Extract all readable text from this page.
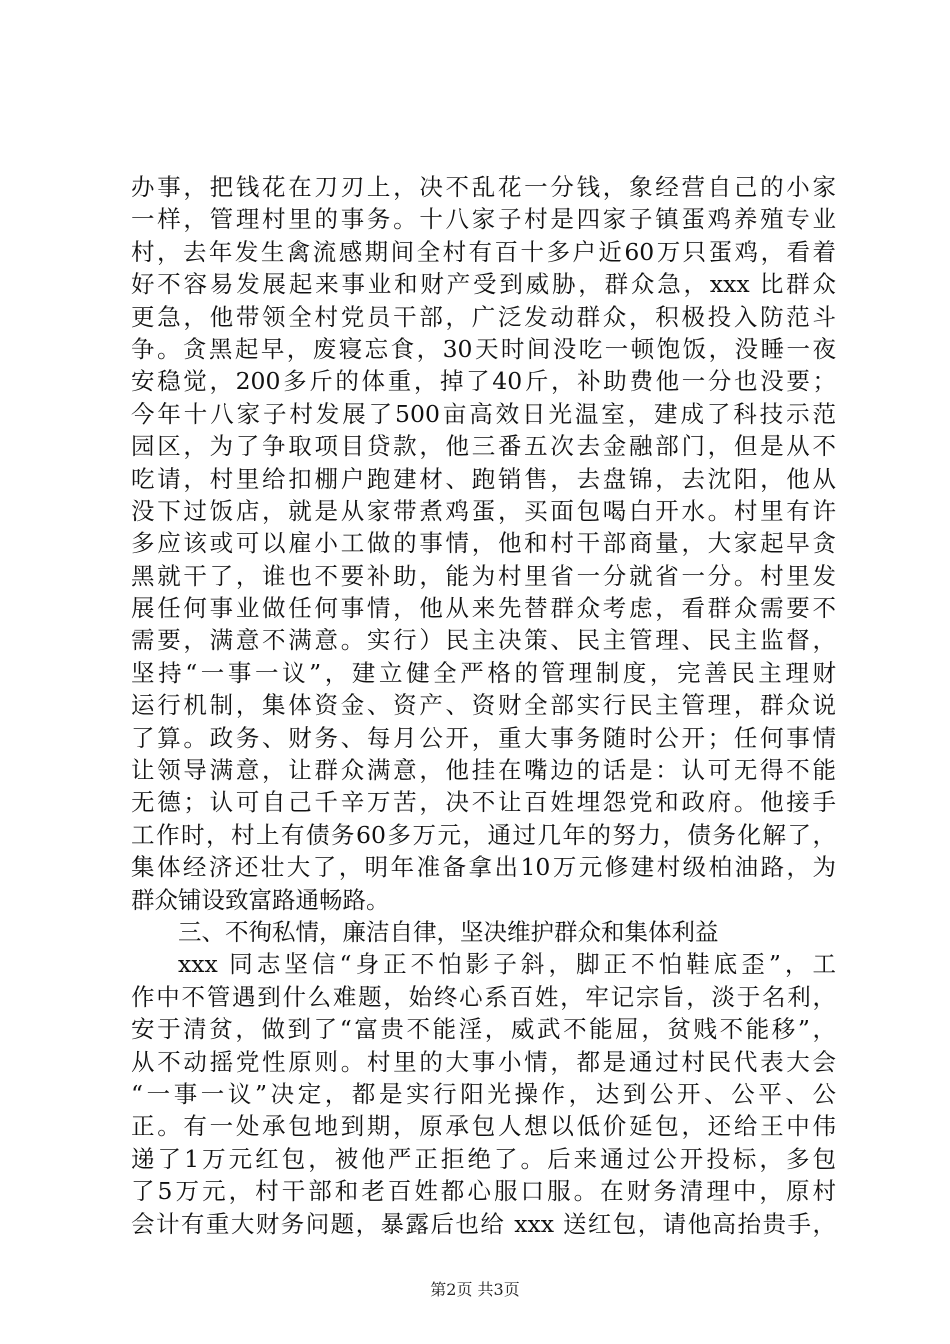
办事，把钱花在刀刃上，决不乱花一分钱，象经营自己的小家
一样，管理村里的事务。十八家子村是四家子镇蛋鸡养殖专业
村，去年发生禽流感期间全村有百十多户近60万只蛋鸡，看着
好不容易发展起来事业和财产受到威胁，群众急，xxx 比群众
更急，他带领全村党员干部，广泛发动群众，积极投入防范斗
争。贪黑起早，废寝忘食，30天时间没吃一顿饱饭，没睡一夜
安稳觉，200多斤的体重，掉了40斤，补助费他一分也没要；
今年十八家子村发展了500亩高效日光温室，建成了科技示范
园区，为了争取项目贷款，他三番五次去金融部门，但是从不
吃请，村里给扣棚户跑建材、跑销售，去盘锦，去沈阳，他从
没下过饭店，就是从家带煮鸡蛋，买面包喝白开水。村里有许
多应该或可以雇小工做的事情，他和村干部商量，大家起早贪
黑就干了，谁也不要补助，能为村里省一分就省一分。村里发
展任何事业做任何事情，他从来先替群众考虑，看群众需要不
需要，满意不满意。实行）民主决策、民主管理、民主监督，
坚持“一事一议”，建立健全严格的管理制度，完善民主理财
运行机制，集体资金、资产、资财全部实行民主管理，群众说
了算。政务、财务、每月公开，重大事务随时公开；任何事情
让领导满意，让群众满意，他挂在嘴边的话是：认可无得不能
无德；认可自己千辛万苦，决不让百姓埋怨党和政府。他接手
工作时，村上有债务60多万元，通过几年的努力，债务化解了，
集体经济还壮大了，明年准备拿出10万元修建村级柏油路，为
群众铺设致富路通畅路。
三、不徇私情，廉洁自律，坚决维护群众和集体利益
xxx 同志坚信“身正不怕影子斜，脚正不怕鞋底歪”，工
作中不管遇到什么难题，始终心系百姓，牢记宗旨，淡于名利，
安于清贫，做到了“富贵不能淫，威武不能屈，贫贱不能移”，
从不动摇党性原则。村里的大事小情，都是通过村民代表大会
“一事一议”决定，都是实行阳光操作，达到公开、公平、公
正。有一处承包地到期，原承包人想以低价延包，还给王中伟
递了1万元红包，被他严正拒绝了。后来通过公开投标，多包
了5万元，村干部和老百姓都心服口服。在财务清理中，原村
会计有重大财务问题，暴露后也给 xxx 送红包，请他高抬贵手，
第2页 共3页
